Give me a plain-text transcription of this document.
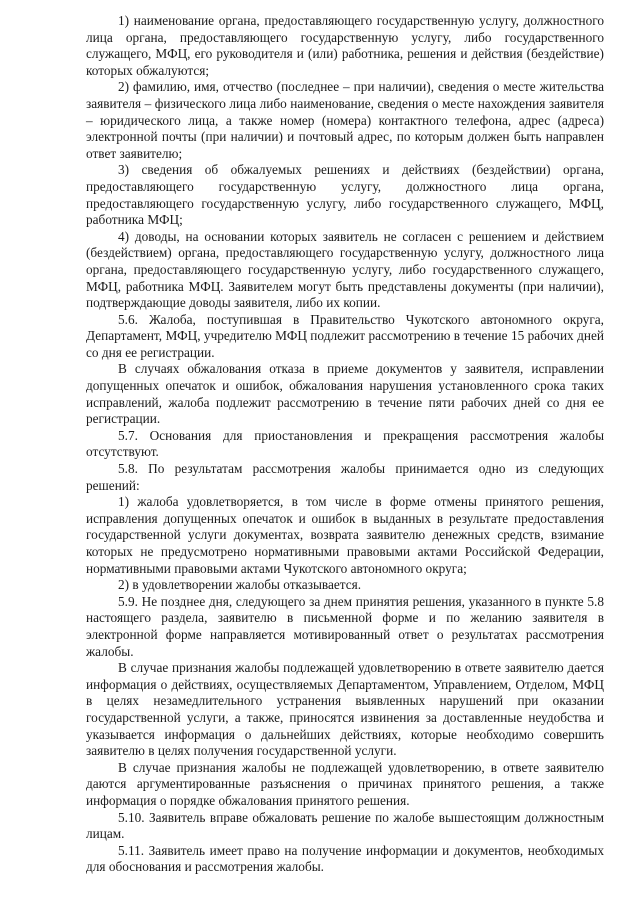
1) наименование органа, предоставляющего государственную услугу, должностного лица органа, предоставляющего государственную услугу, либо государственного служащего, МФЦ, его руководителя и (или) работника, решения и действия (бездействие) которых обжалуются;

2) фамилию, имя, отчество (последнее – при наличии), сведения о месте жительства заявителя – физического лица либо наименование, сведения о месте нахождения заявителя – юридического лица, а также номер (номера) контактного телефона, адрес (адреса) электронной почты (при наличии) и почтовый адрес, по которым должен быть направлен ответ заявителю;

3) сведения об обжалуемых решениях и действиях (бездействии) органа, предоставляющего государственную услугу, должностного лица органа, предоставляющего государственную услугу, либо государственного служащего, МФЦ, работника МФЦ;

4) доводы, на основании которых заявитель не согласен с решением и действием (бездействием) органа, предоставляющего государственную услугу, должностного лица органа, предоставляющего государственную услугу, либо государственного служащего, МФЦ, работника МФЦ. Заявителем могут быть представлены документы (при наличии), подтверждающие доводы заявителя, либо их копии.

5.6. Жалоба, поступившая в Правительство Чукотского автономного округа, Департамент, МФЦ, учредителю МФЦ подлежит рассмотрению в течение 15 рабочих дней со дня ее регистрации.

В случаях обжалования отказа в приеме документов у заявителя, исправлении допущенных опечаток и ошибок, обжалования нарушения установленного срока таких исправлений, жалоба подлежит рассмотрению в течение пяти рабочих дней со дня ее регистрации.

5.7. Основания для приостановления и прекращения рассмотрения жалобы отсутствуют.

5.8. По результатам рассмотрения жалобы принимается одно из следующих решений:

1) жалоба удовлетворяется, в том числе в форме отмены принятого решения, исправления допущенных опечаток и ошибок в выданных в результате предоставления государственной услуги документах, возврата заявителю денежных средств, взимание которых не предусмотрено нормативными правовыми актами Российской Федерации, нормативными правовыми актами Чукотского автономного округа;

2) в удовлетворении жалобы отказывается.

5.9. Не позднее дня, следующего за днем принятия решения, указанного в пункте 5.8 настоящего раздела, заявителю в письменной форме и по желанию заявителя в электронной форме направляется мотивированный ответ о результатах рассмотрения жалобы.

В случае признания жалобы подлежащей удовлетворению в ответе заявителю дается информация о действиях, осуществляемых Департаментом, Управлением, Отделом, МФЦ в целях незамедлительного устранения выявленных нарушений при оказании государственной услуги, а также, приносятся извинения за доставленные неудобства и указывается информация о дальнейших действиях, которые необходимо совершить заявителю в целях получения государственной услуги.

В случае признания жалобы не подлежащей удовлетворению, в ответе заявителю даются аргументированные разъяснения о причинах принятого решения, а также информация о порядке обжалования принятого решения.

5.10. Заявитель вправе обжаловать решение по жалобе вышестоящим должностным лицам.

5.11. Заявитель имеет право на получение информации и документов, необходимых для обоснования и рассмотрения жалобы.
